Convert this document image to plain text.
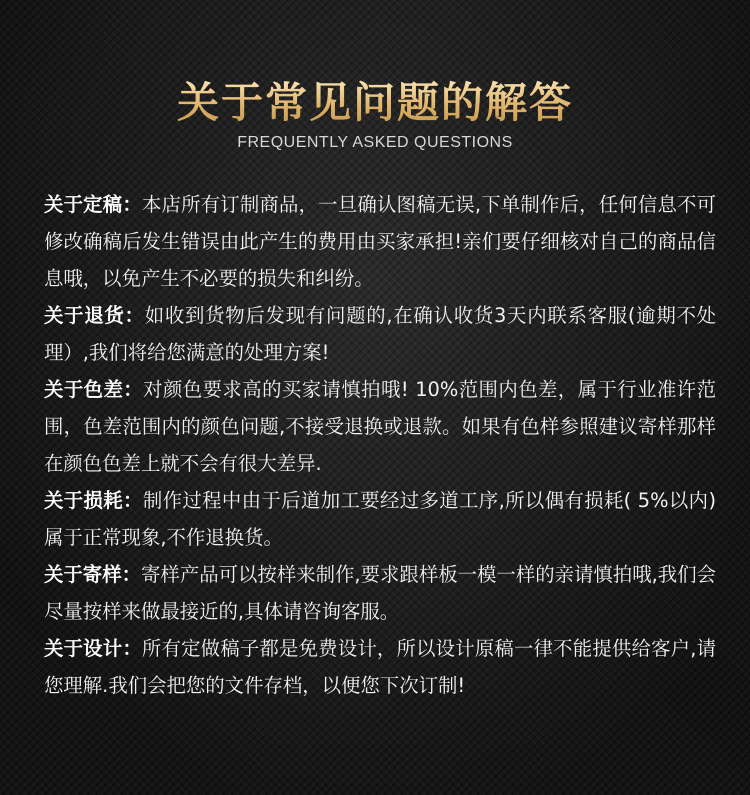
关于常见问题的解答
FREQUENTLY ASKED QUESTIONS

关于定稿：本店所有订制商品，一旦确认图稿无误,下单制作后，任何信息不可修改确稿后发生错误由此产生的费用由买家承担!亲们要仔细核对自己的商品信息哦，以免产生不必要的损失和纠纷。

关于退货：如收到货物后发现有问题的,在确认收货3天内联系客服(逾期不处理）,我们将给您满意的处理方案!

关于色差：对颜色要求高的买家请慎拍哦! 10%范围内色差，属于行业准许范围，色差范围内的颜色问题,不接受退换或退款。如果有色样参照建议寄样那样在颜色色差上就不会有很大差异.

关于损耗：制作过程中由于后道加工要经过多道工序,所以偶有损耗( 5%以内)属于正常现象,不作退换货。

关于寄样：寄样产品可以按样来制作,要求跟样板一模一样的亲请慎拍哦,我们会尽量按样来做最接近的,具体请咨询客服。

关于设计：所有定做稿子都是免费设计，所以设计原稿一律不能提供给客户,请您理解.我们会把您的文件存档，以便您下次订制!
